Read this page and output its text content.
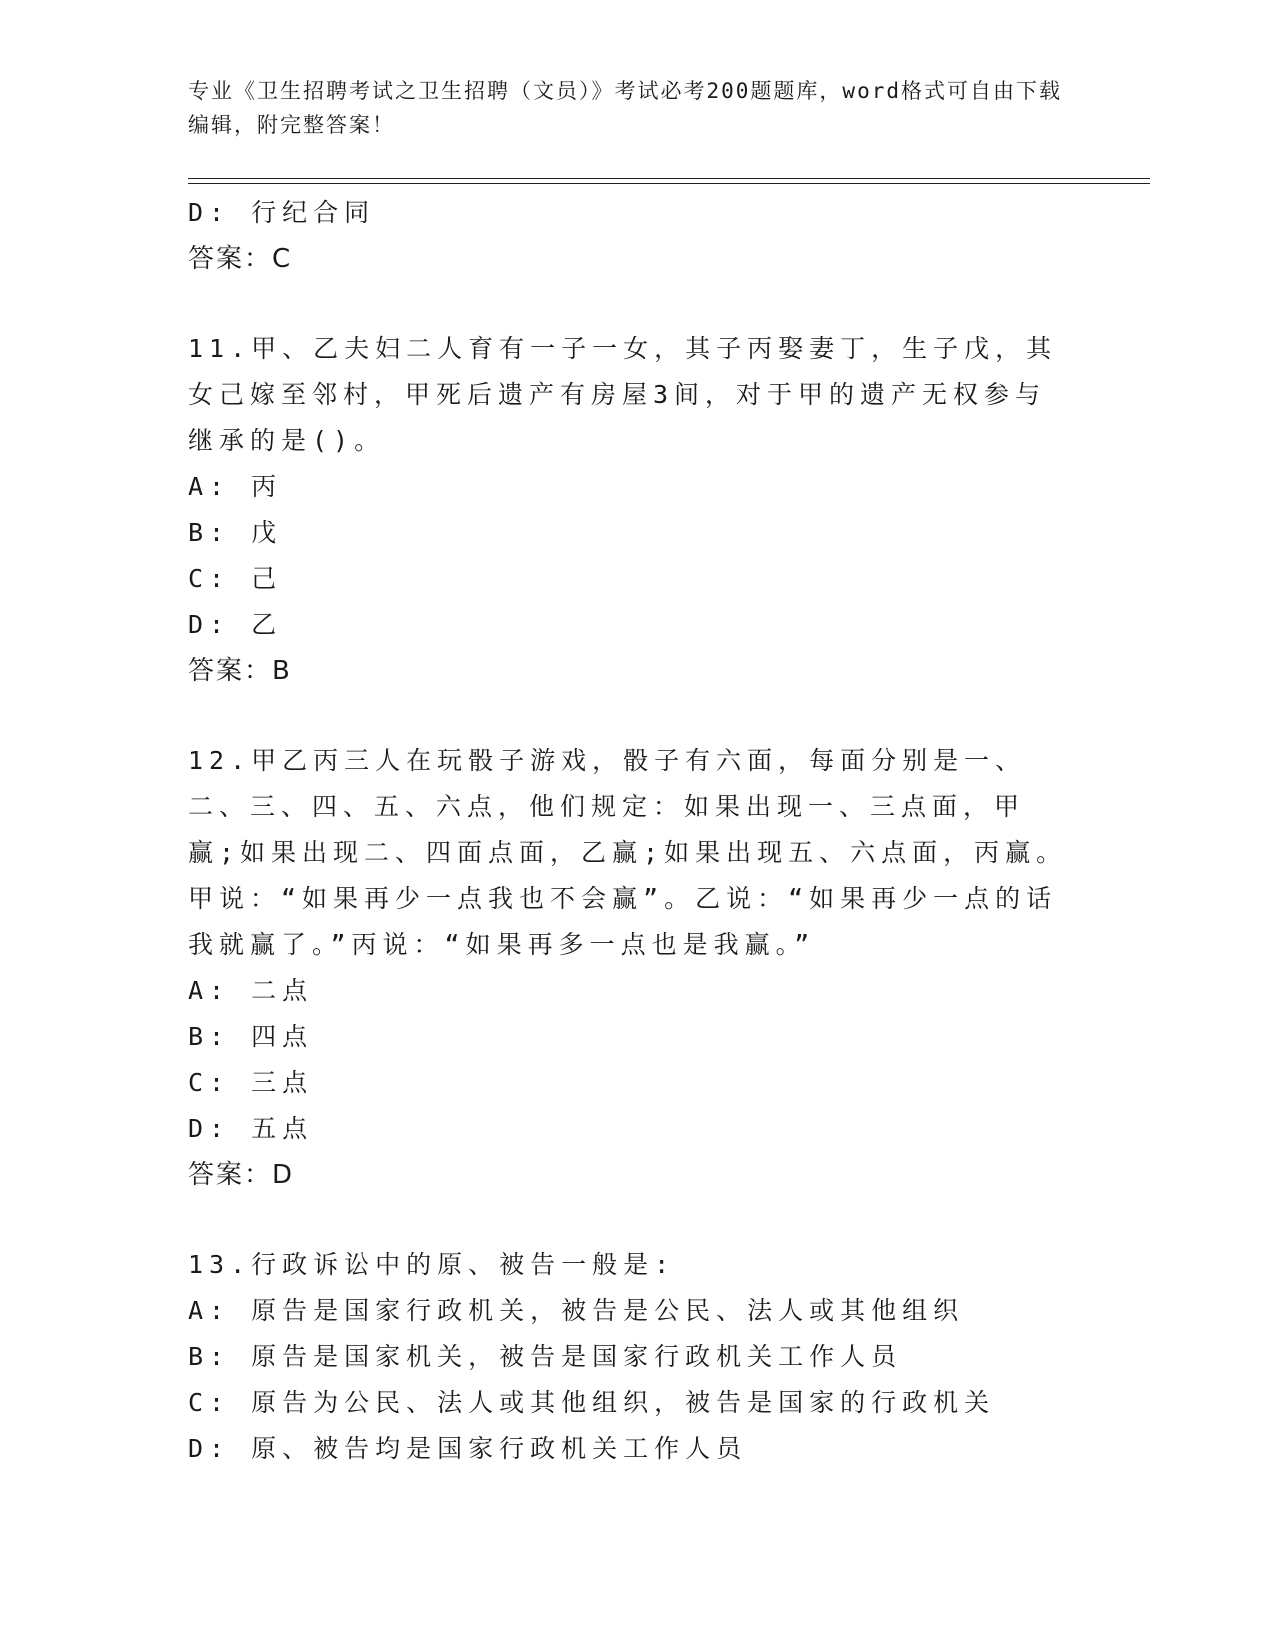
专业《卫生招聘考试之卫生招聘（文员）》考试必考200题题库，word格式可自由下载编辑，附完整答案！
D: 行纪合同
答案：C
11.甲、乙夫妇二人育有一子一女，其子丙娶妻丁，生子戊，其女己嫁至邻村，甲死后遗产有房屋3间，对于甲的遗产无权参与继承的是()。
A: 丙
B: 戊
C: 己
D: 乙
答案：B
12.甲乙丙三人在玩骰子游戏，骰子有六面，每面分别是一、二、三、四、五、六点，他们规定：如果出现一、三点面，甲赢;如果出现二、四面点面，乙赢;如果出现五、六点面，丙赢。甲说：“如果再少一点我也不会赢”。乙说：“如果再少一点的话我就赢了。”丙说：“如果再多一点也是我赢。”
A: 二点
B: 四点
C: 三点
D: 五点
答案：D
13.行政诉讼中的原、被告一般是:
A: 原告是国家行政机关，被告是公民、法人或其他组织
B: 原告是国家机关，被告是国家行政机关工作人员
C: 原告为公民、法人或其他组织，被告是国家的行政机关
D: 原、被告均是国家行政机关工作人员
